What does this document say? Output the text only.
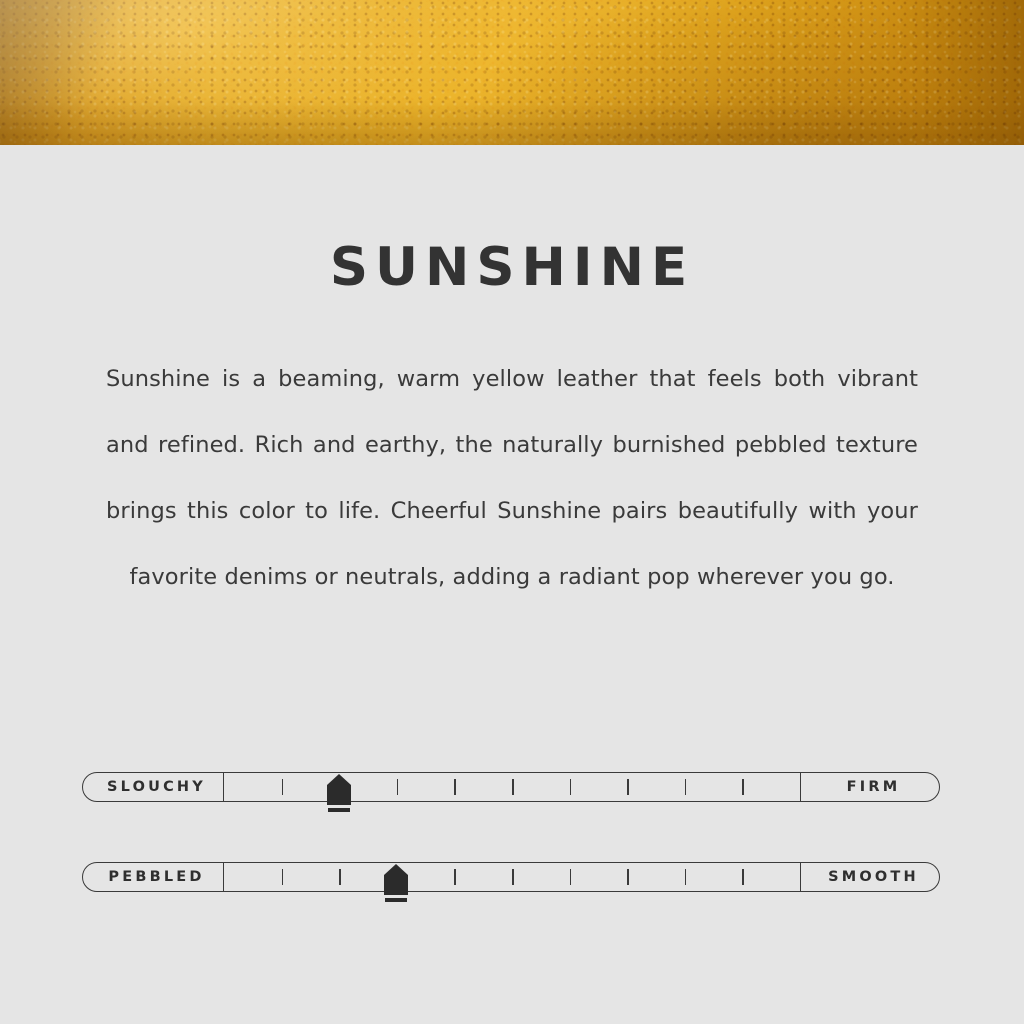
SUNSHINE

Sunshine is a beaming, warm yellow leather that feels both vibrant and refined. Rich and earthy, the naturally burnished pebbled texture brings this color to life. Cheerful Sunshine pairs beautifully with your favorite denims or neutrals, adding a radiant pop wherever you go.

SLOUCHY	FIRM
PEBBLED	SMOOTH
